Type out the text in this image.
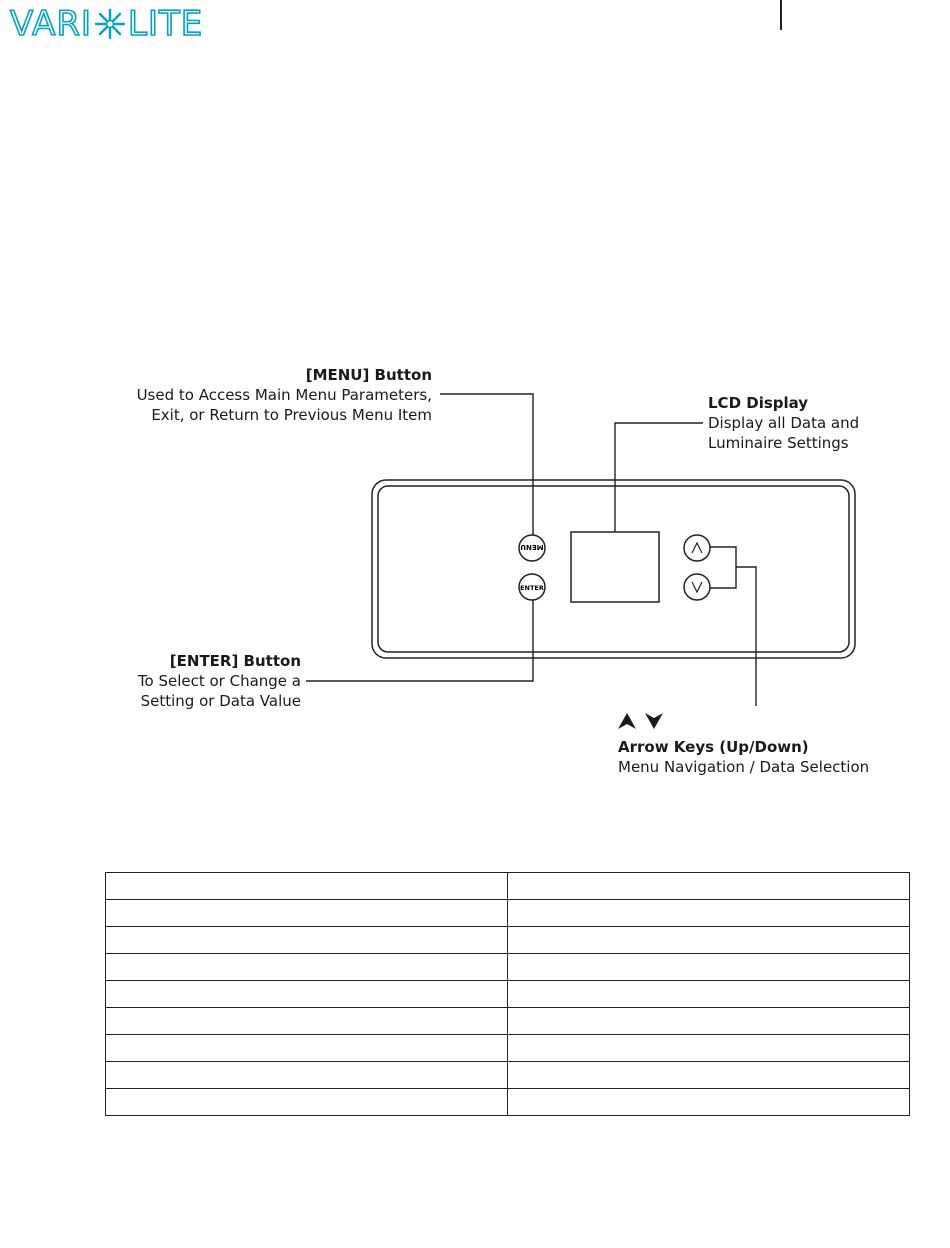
VARI LITE
MENU
ENTER
[MENU] Button
Used to Access Main Menu Parameters,
Exit, or Return to Previous Menu Item
LCD Display
Display all Data and
Luminaire Settings
[ENTER] Button
To Select or Change a
Setting or Data Value
Arrow Keys (Up/Down)
Menu Navigation / Data Selection
